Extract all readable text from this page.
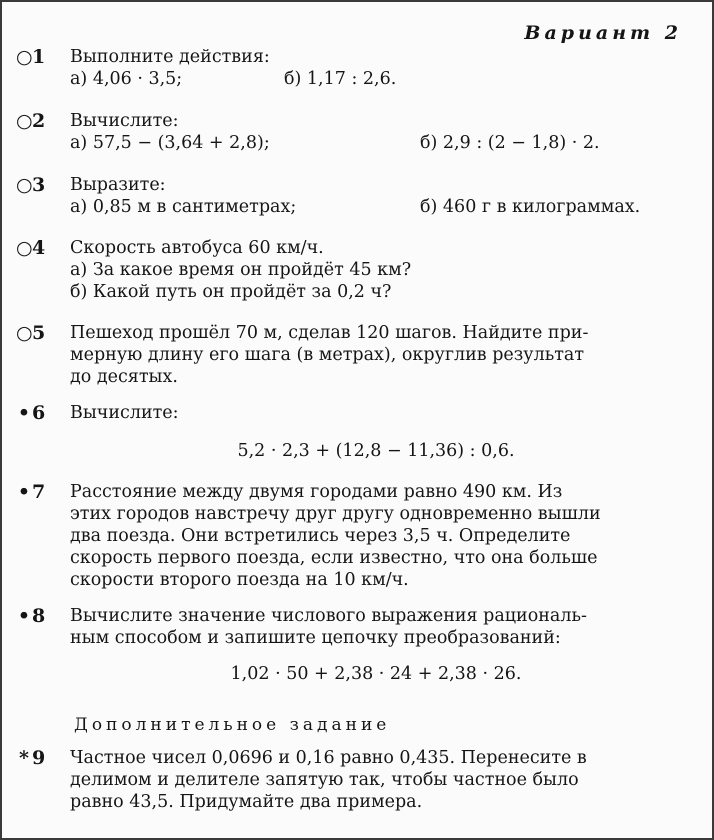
Вариант 2
○1	Выполните действия:
а) 4,06 · 3,5;	б) 1,17 : 2,6.
○2	Вычислите:
а) 57,5 − (3,64 + 2,8);	б) 2,9 : (2 − 1,8) · 2.
○3	Выразите:
а) 0,85 м в сантиметрах;	б) 460 г в килограммах.
○4	Скорость автобуса 60 км/ч.
а) За какое время он пройдёт 45 км?
б) Какой путь он пройдёт за 0,2 ч?
○5	Пешеход прошёл 70 м, сделав 120 шагов. Найдите при-
мерную длину его шага (в метрах), округлив результат
до десятых.
• 6	Вычислите:
5,2 · 2,3 + (12,8 − 11,36) : 0,6.
• 7	Расстояние между двумя городами равно 490 км. Из
этих городов навстречу друг другу одновременно вышли
два поезда. Они встретились через 3,5 ч. Определите
скорость первого поезда, если известно, что она больше
скорости второго поезда на 10 км/ч.
• 8	Вычислите значение числового выражения рациональ-
ным способом и запишите цепочку преобразований:
1,02 · 50 + 2,38 · 24 + 2,38 · 26.
Дополнительное задание
* 9	Частное чисел 0,0696 и 0,16 равно 0,435. Перенесите в
делимом и делителе запятую так, чтобы частное было
равно 43,5. Придумайте два примера.
